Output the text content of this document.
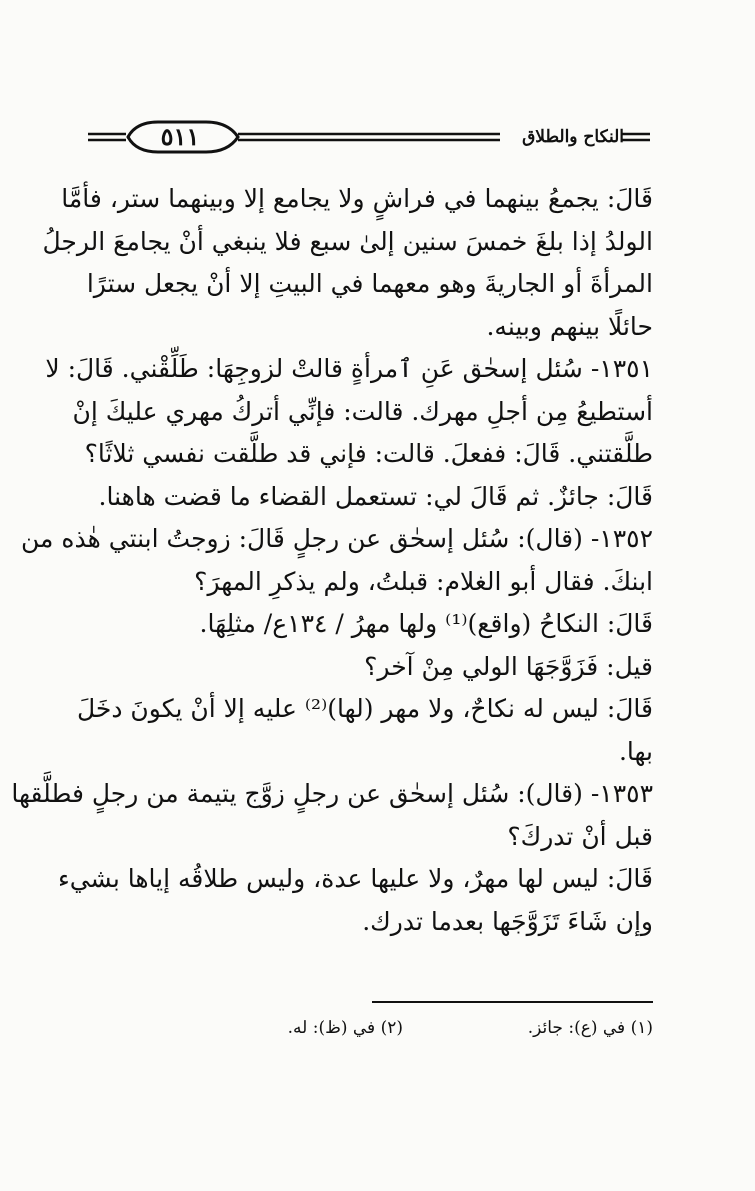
٥١١	النكاح والطلاق
قَالَ: يجمعُ بينهما في فراشٍ ولا يجامع إلا وبينهما ستر، فأمَّا
الولدُ إذا بلغَ خمسَ سنين إلىٰ سبع فلا ينبغي أنْ يجامعَ الرجلُ
المرأةَ أو الجاريةَ وهو معهما في البيتِ إلا أنْ يجعل سترًا
حائلًا بينهم وبينه.
١٣٥١- سُئل إسحٰق عَنِ ٱمرأةٍ قالتْ لزوجِهَا: طَلِّقْني. قَالَ: لا
أستطيعُ مِن أجلِ مهرك. قالت: فإنِّي أتركُ مهري عليكَ إنْ
طلَّقتني. قَالَ: ففعلَ. قالت: فإني قد طلَّقت نفسي ثلاثًا؟
قَالَ: جائزٌ. ثم قَالَ لي: تستعمل القضاء ما قضت هاهنا.
١٣٥٢- (قال): سُئل إسحٰق عن رجلٍ قَالَ: زوجتُ ابنتي هٰذه من
ابنكَ. فقال أبو الغلام: قبلتُ، ولم يذكرِ المهرَ؟
قَالَ: النكاحُ (واقع)⁽¹⁾ ولها مهرُ / ١٣٤ع/ مثلِهَا.
قيل: فَزَوَّجَهَا الولي مِنْ آخر؟
قَالَ: ليس له نكاحٌ، ولا مهر (لها)⁽²⁾ عليه إلا أنْ يكونَ دخَلَ
بها.
١٣٥٣- (قال): سُئل إسحٰق عن رجلٍ زوَّج يتيمة من رجلٍ فطلَّقها
قبل أنْ تدركَ؟
قَالَ: ليس لها مهرٌ، ولا عليها عدة، وليس طلاقُه إياها بشيء
وإن شَاءَ تَزَوَّجَها بعدما تدرك.
(١) في (ع): جائز.
(٢) في (ظ): له.
